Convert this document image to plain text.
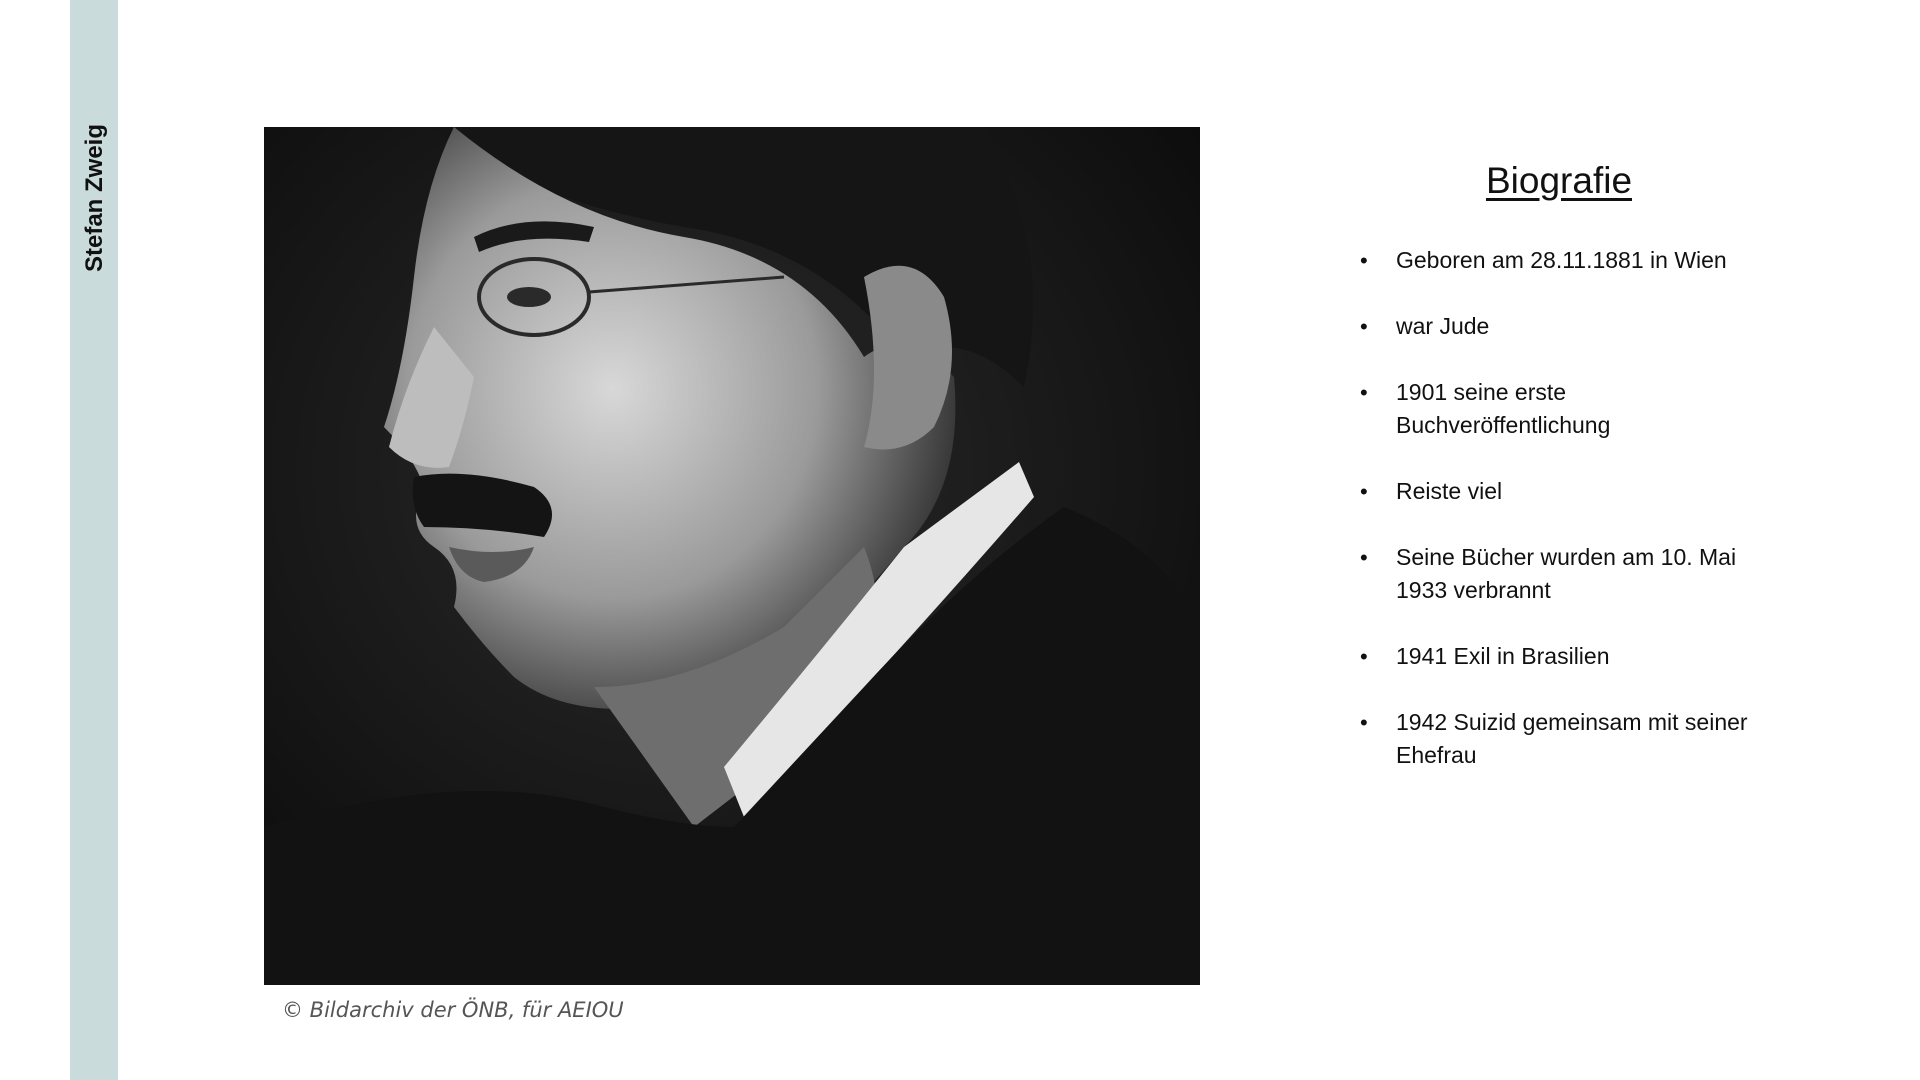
Stefan Zweig
© Bildarchiv der ÖNB, für AEIOU
Biografie
• Geboren am 28.11.1881 in Wien
• war Jude
• 1901 seine erste Buchveröffentlichung
• Reiste viel
• Seine Bücher wurden am 10. Mai 1933 verbrannt
• 1941 Exil in Brasilien
• 1942 Suizid gemeinsam mit seiner Ehefrau
